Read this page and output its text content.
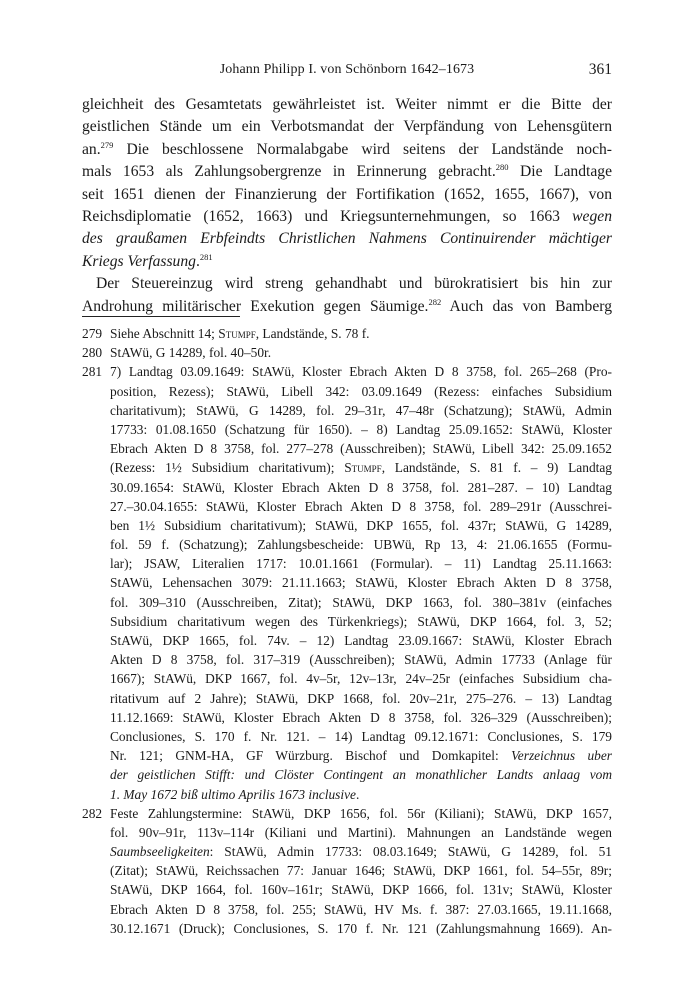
Johann Philipp I. von Schönborn 1642–1673	361
gleichheit des Gesamtetats gewährleistet ist. Weiter nimmt er die Bitte der
geistlichen Stände um ein Verbotsmandat der Verpfändung von Lehensgütern
an.$^{279}$ Die beschlossene Normalabgabe wird seitens der Landstände noch-
mals 1653 als Zahlungsobergrenze in Erinnerung gebracht.$^{280}$ Die Landtage
seit 1651 dienen der Finanzierung der Fortifikation (1652, 1655, 1667), von
Reichsdiplomatie (1652, 1663) und Kriegsunternehmungen, so 1663 wegen
des graußamen Erbfeindts Christlichen Nahmens Continuirender mächtiger
Kriegs Verfassung.$^{281}$
Der Steuereinzug wird streng gehandhabt und bürokratisiert bis hin zur
Androhung militärischer Exekution gegen Säumige.$^{282}$ Auch das von Bamberg
279 Siehe Abschnitt 14; Stumpf, Landstände, S. 78 f.
280 StAWü, G 14289, fol. 40–50r.
281 7) Landtag 03.09.1649: StAWü, Kloster Ebrach Akten D 8 3758, fol. 265–268 (Pro-
position, Rezess); StAWü, Libell 342: 03.09.1649 (Rezess: einfaches Subsidium
charitativum); StAWü, G 14289, fol. 29–31r, 47–48r (Schatzung); StAWü, Admin
17733: 01.08.1650 (Schatzung für 1650). – 8) Landtag 25.09.1652: StAWü, Kloster
Ebrach Akten D 8 3758, fol. 277–278 (Ausschreiben); StAWü, Libell 342: 25.09.1652
(Rezess: 1½ Subsidium charitativum); Stumpf, Landstände, S. 81 f. – 9) Landtag
30.09.1654: StAWü, Kloster Ebrach Akten D 8 3758, fol. 281–287. – 10) Landtag
27.–30.04.1655: StAWü, Kloster Ebrach Akten D 8 3758, fol. 289–291r (Ausschrei-
ben 1½ Subsidium charitativum); StAWü, DKP 1655, fol. 437r; StAWü, G 14289,
fol. 59 f. (Schatzung); Zahlungsbescheide: UBWü, Rp 13, 4: 21.06.1655 (Formu-
lar); JSAW, Literalien 1717: 10.01.1661 (Formular). – 11) Landtag 25.11.1663:
StAWü, Lehensachen 3079: 21.11.1663; StAWü, Kloster Ebrach Akten D 8 3758,
fol. 309–310 (Ausschreiben, Zitat); StAWü, DKP 1663, fol. 380–381v (einfaches
Subsidium charitativum wegen des Türkenkriegs); StAWü, DKP 1664, fol. 3, 52;
StAWü, DKP 1665, fol. 74v. – 12) Landtag 23.09.1667: StAWü, Kloster Ebrach
Akten D 8 3758, fol. 317–319 (Ausschreiben); StAWü, Admin 17733 (Anlage für
1667); StAWü, DKP 1667, fol. 4v–5r, 12v–13r, 24v–25r (einfaches Subsidium cha-
ritativum auf 2 Jahre); StAWü, DKP 1668, fol. 20v–21r, 275–276. – 13) Landtag
11.12.1669: StAWü, Kloster Ebrach Akten D 8 3758, fol. 326–329 (Ausschreiben);
Conclusiones, S. 170 f. Nr. 121. – 14) Landtag 09.12.1671: Conclusiones, S. 179
Nr. 121; GNM-HA, GF Würzburg. Bischof und Domkapitel: Verzeichnus uber
der geistlichen Stifft: und Clöster Contingent an monathlicher Landts anlaag vom
1. May 1672 biß ultimo Aprilis 1673 inclusive.
282 Feste Zahlungstermine: StAWü, DKP 1656, fol. 56r (Kiliani); StAWü, DKP 1657,
fol. 90v–91r, 113v–114r (Kiliani und Martini). Mahnungen an Landstände wegen
Saumbseeligkeiten: StAWü, Admin 17733: 08.03.1649; StAWü, G 14289, fol. 51
(Zitat); StAWü, Reichssachen 77: Januar 1646; StAWü, DKP 1661, fol. 54–55r, 89r;
StAWü, DKP 1664, fol. 160v–161r; StAWü, DKP 1666, fol. 131v; StAWü, Kloster
Ebrach Akten D 8 3758, fol. 255; StAWü, HV Ms. f. 387: 27.03.1665, 19.11.1668,
30.12.1671 (Druck); Conclusiones, S. 170 f. Nr. 121 (Zahlungsmahnung 1669). An-
